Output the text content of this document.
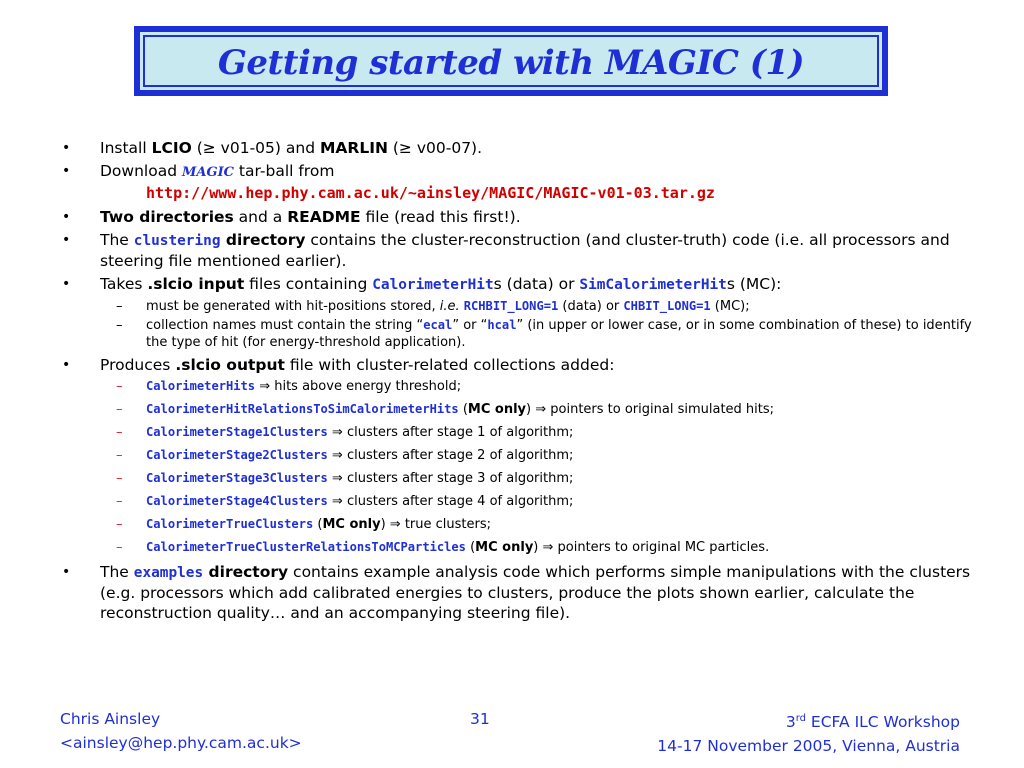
Getting started with MAGIC (1)
• Install LCIO (≥ v01-05) and MARLIN (≥ v00-07).
• Download MAGIC tar-ball from
http://www.hep.phy.cam.ac.uk/~ainsley/MAGIC/MAGIC-v01-03.tar.gz
• Two directories and a README file (read this first!).
• The clustering directory contains the cluster-reconstruction (and cluster-truth) code (i.e. all processors and steering file mentioned earlier).
• Takes .slcio input files containing CalorimeterHits (data) or SimCalorimeterHits (MC):
– must be generated with hit-positions stored, i.e. RCHBIT_LONG=1 (data) or CHBIT_LONG=1 (MC);
– collection names must contain the string “ecal” or “hcal” (in upper or lower case, or in some combination of these) to identify the type of hit (for energy-threshold application).
• Produces .slcio output file with cluster-related collections added:
– CalorimeterHits ⇒ hits above energy threshold;
– CalorimeterHitRelationsToSimCalorimeterHits (MC only) ⇒ pointers to original simulated hits;
– CalorimeterStage1Clusters ⇒ clusters after stage 1 of algorithm;
– CalorimeterStage2Clusters ⇒ clusters after stage 2 of algorithm;
– CalorimeterStage3Clusters ⇒ clusters after stage 3 of algorithm;
– CalorimeterStage4Clusters ⇒ clusters after stage 4 of algorithm;
– CalorimeterTrueClusters (MC only) ⇒ true clusters;
– CalorimeterTrueClusterRelationsToMCParticles (MC only) ⇒ pointers to original MC particles.
• The examples directory contains example analysis code which performs simple manipulations with the clusters (e.g. processors which add calibrated energies to clusters, produce the plots shown earlier, calculate the reconstruction quality… and an accompanying steering file).
Chris Ainsley
<ainsley@hep.phy.cam.ac.uk>
31	3rd ECFA ILC Workshop
14-17 November 2005, Vienna, Austria
